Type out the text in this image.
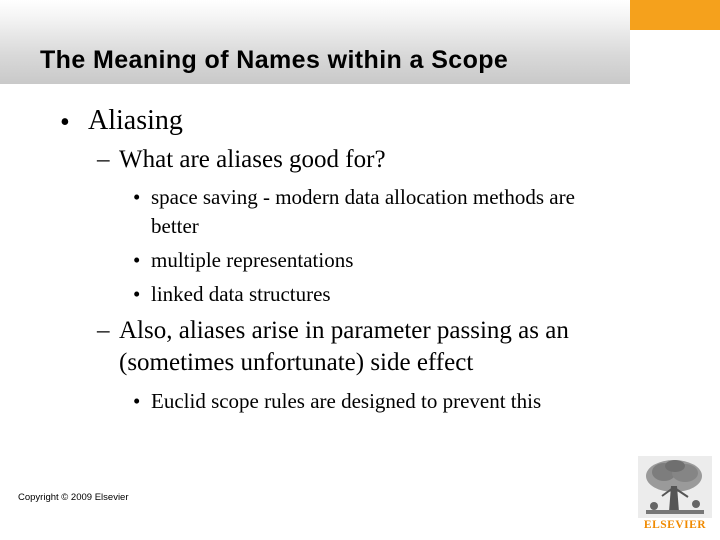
The Meaning of Names within a Scope
• Aliasing
– What are aliases good for?
• space saving - modern data allocation methods are
better
• multiple representations
• linked data structures
– Also, aliases arise in parameter passing as an
(sometimes unfortunate) side effect
• Euclid scope rules are designed to prevent this
Copyright © 2009 Elsevier
ELSEVIER
